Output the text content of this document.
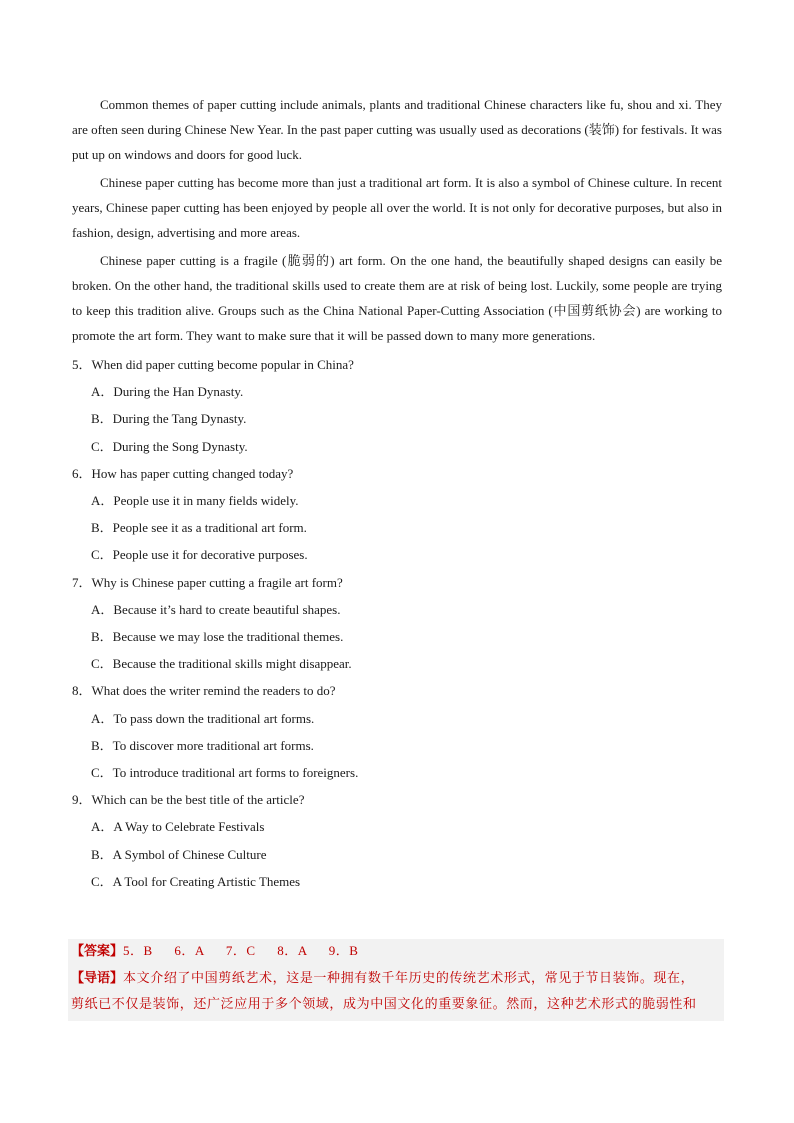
Common themes of paper cutting include animals, plants and traditional Chinese characters like fu, shou and xi. They are often seen during Chinese New Year. In the past paper cutting was usually used as decorations (装饰) for festivals. It was put up on windows and doors for good luck.

Chinese paper cutting has become more than just a traditional art form. It is also a symbol of Chinese culture. In recent years, Chinese paper cutting has been enjoyed by people all over the world. It is not only for decorative purposes, but also in fashion, design, advertising and more areas.

Chinese paper cutting is a fragile (脆弱的) art form. On the one hand, the beautifully shaped designs can easily be broken. On the other hand, the traditional skills used to create them are at risk of being lost. Luckily, some people are trying to keep this tradition alive. Groups such as the China National Paper-Cutting Association (中国剪纸协会) are working to promote the art form. They want to make sure that it will be passed down to many more generations.

5．When did paper cutting become popular in China?

A．During the Han Dynasty.

B．During the Tang Dynasty.

C．During the Song Dynasty.

6．How has paper cutting changed today?

A．People use it in many fields widely.

B．People see it as a traditional art form.

C．People use it for decorative purposes.

7．Why is Chinese paper cutting a fragile art form?

A．Because it’s hard to create beautiful shapes.

B．Because we may lose the traditional themes.

C．Because the traditional skills might disappear.

8．What does the writer remind the readers to do?

A．To pass down the traditional art forms.

B．To discover more traditional art forms.

C．To introduce traditional art forms to foreigners.

9．Which can be the best title of the article?

A．A Way to Celebrate Festivals

B．A Symbol of Chinese Culture

C．A Tool for Creating Artistic Themes

【答案】5．B 6．A 7．C 8．A 9．B
【导语】本文介绍了中国剪纸艺术，这是一种拥有数千年历史的传统艺术形式，常见于节日装饰。现在，
剪纸已不仅是装饰，还广泛应用于多个领域，成为中国文化的重要象征。然而，这种艺术形式的脆弱性和
